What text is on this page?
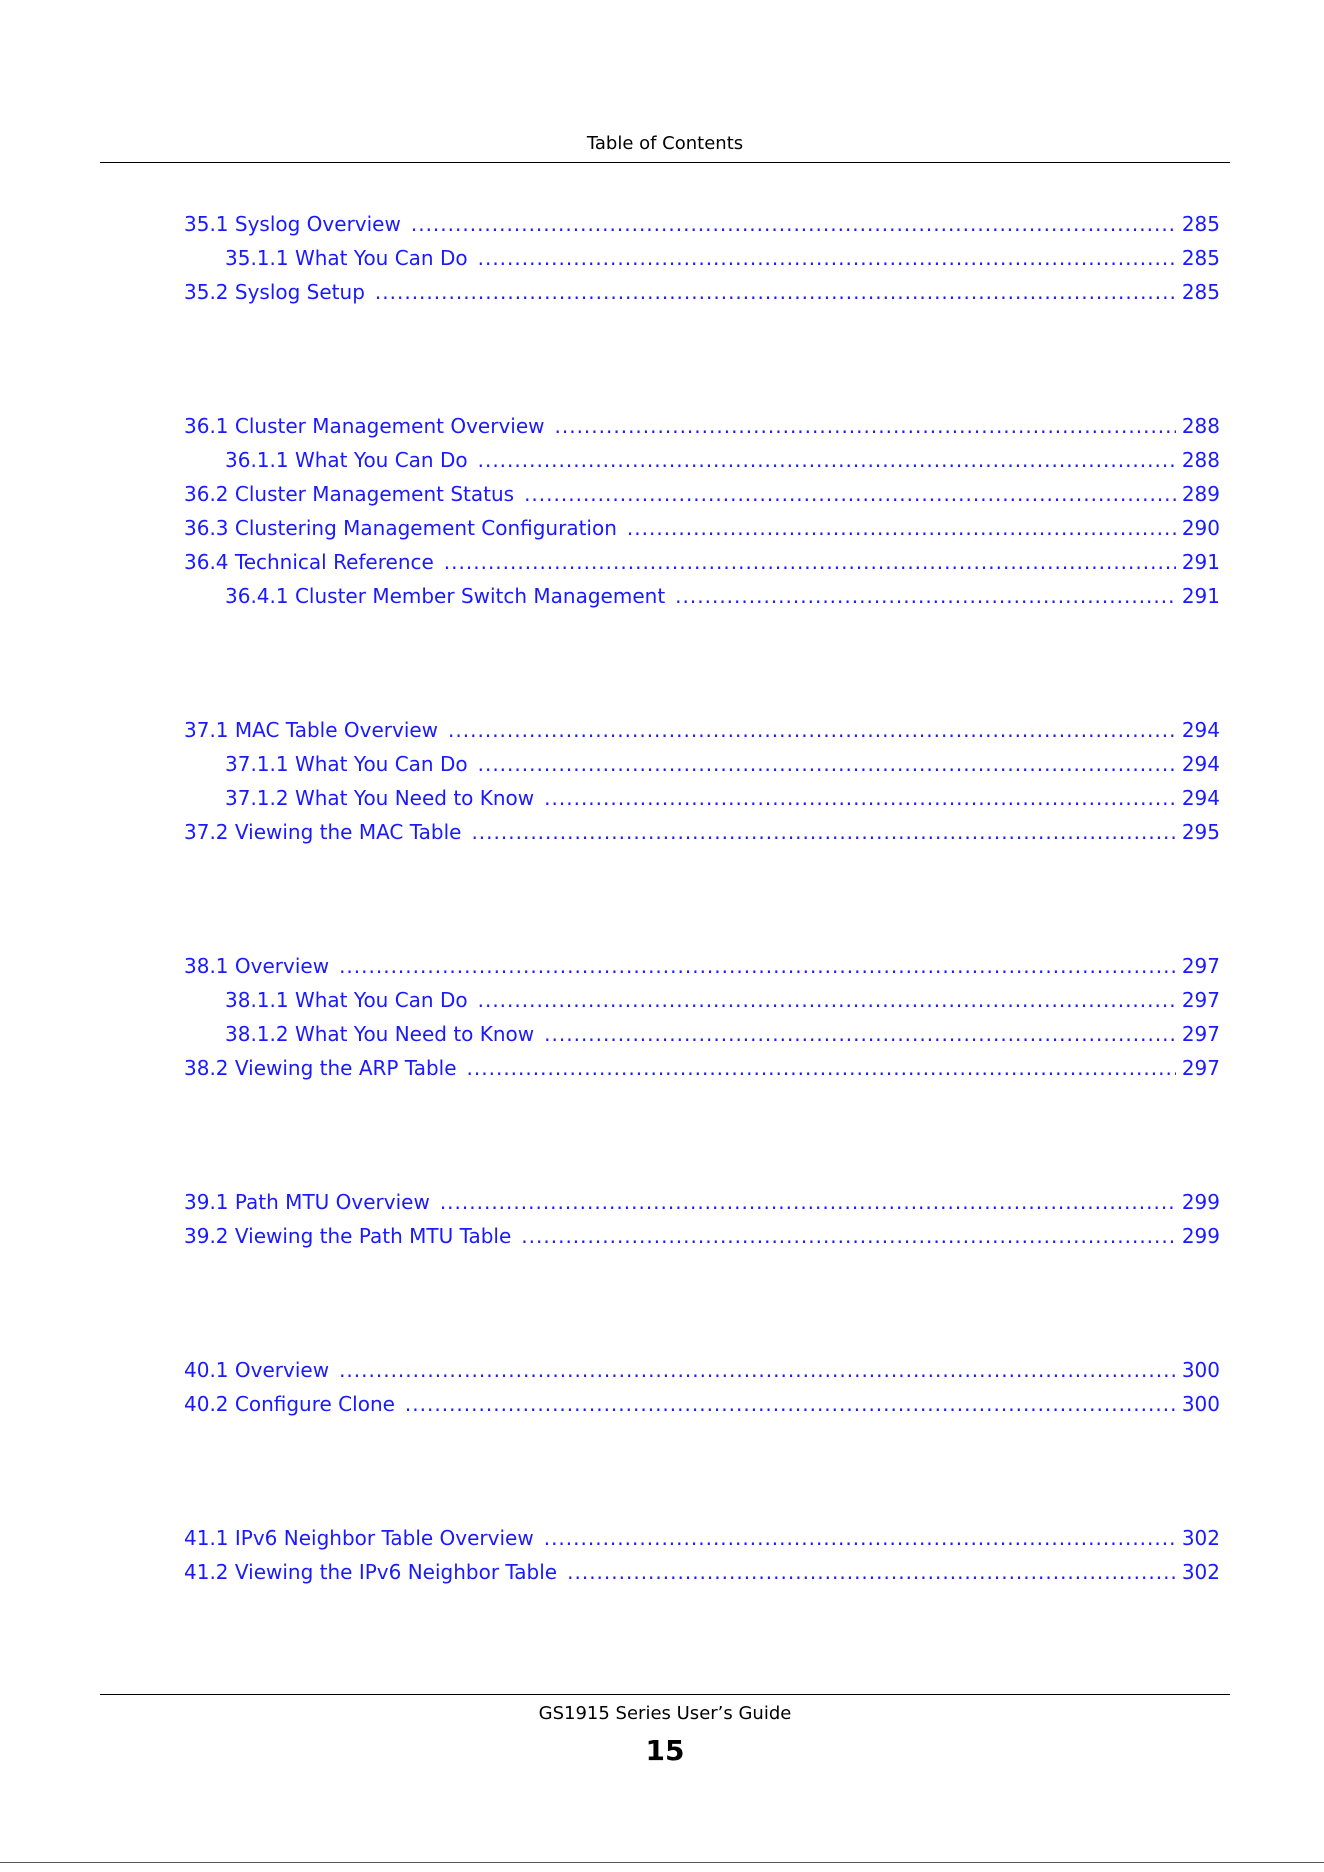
Table of Contents
35.1 Syslog Overview .....	285
35.1.1 What You Can Do .....	285
35.2 Syslog Setup .....	285
36.1 Cluster Management Overview .....	288
36.1.1 What You Can Do .....	288
36.2 Cluster Management Status .....	289
36.3 Clustering Management Configuration .....	290
36.4 Technical Reference .....	291
36.4.1 Cluster Member Switch Management .....	291
37.1 MAC Table Overview .....	294
37.1.1 What You Can Do .....	294
37.1.2 What You Need to Know .....	294
37.2 Viewing the MAC Table .....	295
38.1 Overview .....	297
38.1.1 What You Can Do .....	297
38.1.2 What You Need to Know .....	297
38.2 Viewing the ARP Table .....	297
39.1 Path MTU Overview .....	299
39.2 Viewing the Path MTU Table .....	299
40.1 Overview .....	300
40.2 Configure Clone .....	300
41.1 IPv6 Neighbor Table Overview .....	302
41.2 Viewing the IPv6 Neighbor Table .....	302
GS1915 Series User’s Guide
15
